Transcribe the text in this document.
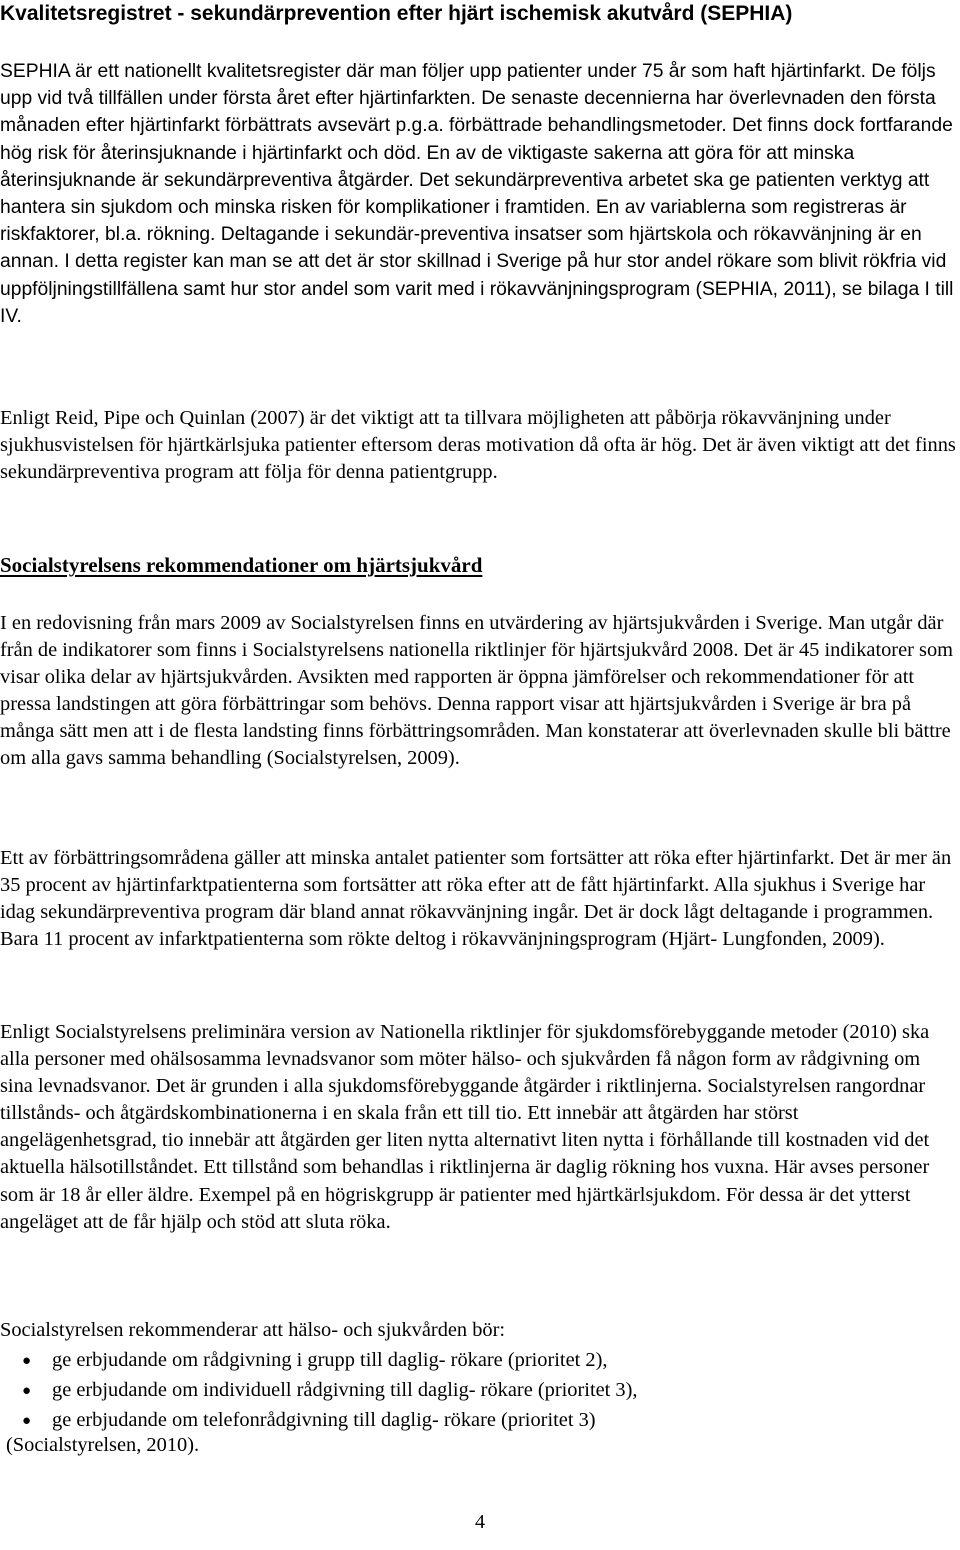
Kvalitetsregistret - sekundärprevention efter hjärt ischemisk akutvård (SEPHIA)

SEPHIA är ett nationellt kvalitetsregister där man följer upp patienter under 75 år som haft hjärtinfarkt. De följs upp vid två tillfällen under första året efter hjärtinfarkten. De senaste decennierna har överlevnaden den första månaden efter hjärtinfarkt förbättrats avsevärt p.g.a. förbättrade behandlingsmetoder. Det finns dock fortfarande hög risk för återinsjuknande i hjärtinfarkt och död. En av de viktigaste sakerna att göra för att minska återinsjuknande är sekundärpreventiva åtgärder. Det sekundärpreventiva arbetet ska ge patienten verktyg att hantera sin sjukdom och minska risken för komplikationer i framtiden. En av variablerna som registreras är riskfaktorer, bl.a. rökning. Deltagande i sekundär-preventiva insatser som hjärtskola och rökavvänjning är en annan. I detta register kan man se att det är stor skillnad i Sverige på hur stor andel rökare som blivit rökfria vid uppföljningstillfällena samt hur stor andel som varit med i rökavvänjningsprogram (SEPHIA, 2011), se bilaga I till IV.

Enligt Reid, Pipe och Quinlan (2007) är det viktigt att ta tillvara möjligheten att påbörja rökavvänjning under sjukhusvistelsen för hjärtkärlsjuka patienter eftersom deras motivation då ofta är hög. Det är även viktigt att det finns sekundärpreventiva program att följa för denna patientgrupp.

Socialstyrelsens rekommendationer om hjärtsjukvård

I en redovisning från mars 2009 av Socialstyrelsen finns en utvärdering av hjärtsjukvården i Sverige. Man utgår där från de indikatorer som finns i Socialstyrelsens nationella riktlinjer för hjärtsjukvård 2008. Det är 45 indikatorer som visar olika delar av hjärtsjukvården. Avsikten med rapporten är öppna jämförelser och rekommendationer för att pressa landstingen att göra förbättringar som behövs. Denna rapport visar att hjärtsjukvården i Sverige är bra på många sätt men att i de flesta landsting finns förbättringsområden. Man konstaterar att överlevnaden skulle bli bättre om alla gavs samma behandling (Socialstyrelsen, 2009).

Ett av förbättringsområdena gäller att minska antalet patienter som fortsätter att röka efter hjärtinfarkt. Det är mer än 35 procent av hjärtinfarktpatienterna som fortsätter att röka efter att de fått hjärtinfarkt. Alla sjukhus i Sverige har idag sekundärpreventiva program där bland annat rökavvänjning ingår. Det är dock lågt deltagande i programmen. Bara 11 procent av infarktpatienterna som rökte deltog i rökavvänjningsprogram (Hjärt- Lungfonden, 2009).

Enligt Socialstyrelsens preliminära version av Nationella riktlinjer för sjukdomsförebyggande metoder (2010) ska alla personer med ohälsosamma levnadsvanor som möter hälso- och sjukvården få någon form av rådgivning om sina levnadsvanor. Det är grunden i alla sjukdomsförebyggande åtgärder i riktlinjerna. Socialstyrelsen rangordnar tillstånds- och åtgärdskombinationerna i en skala från ett till tio. Ett innebär att åtgärden har störst angelägenhetsgrad, tio innebär att åtgärden ger liten nytta alternativt liten nytta i förhållande till kostnaden vid det aktuella hälsotillståndet. Ett tillstånd som behandlas i riktlinjerna är daglig rökning hos vuxna. Här avses personer som är 18 år eller äldre. Exempel på en högriskgrupp är patienter med hjärtkärlsjukdom. För dessa är det ytterst angeläget att de får hjälp och stöd att sluta röka.

Socialstyrelsen rekommenderar att hälso- och sjukvården bör:

● ge erbjudande om rådgivning i grupp till daglig- rökare (prioritet 2),
● ge erbjudande om individuell rådgivning till daglig- rökare (prioritet 3),
● ge erbjudande om telefonrådgivning till daglig- rökare (prioritet 3)

(Socialstyrelsen, 2010).

4
